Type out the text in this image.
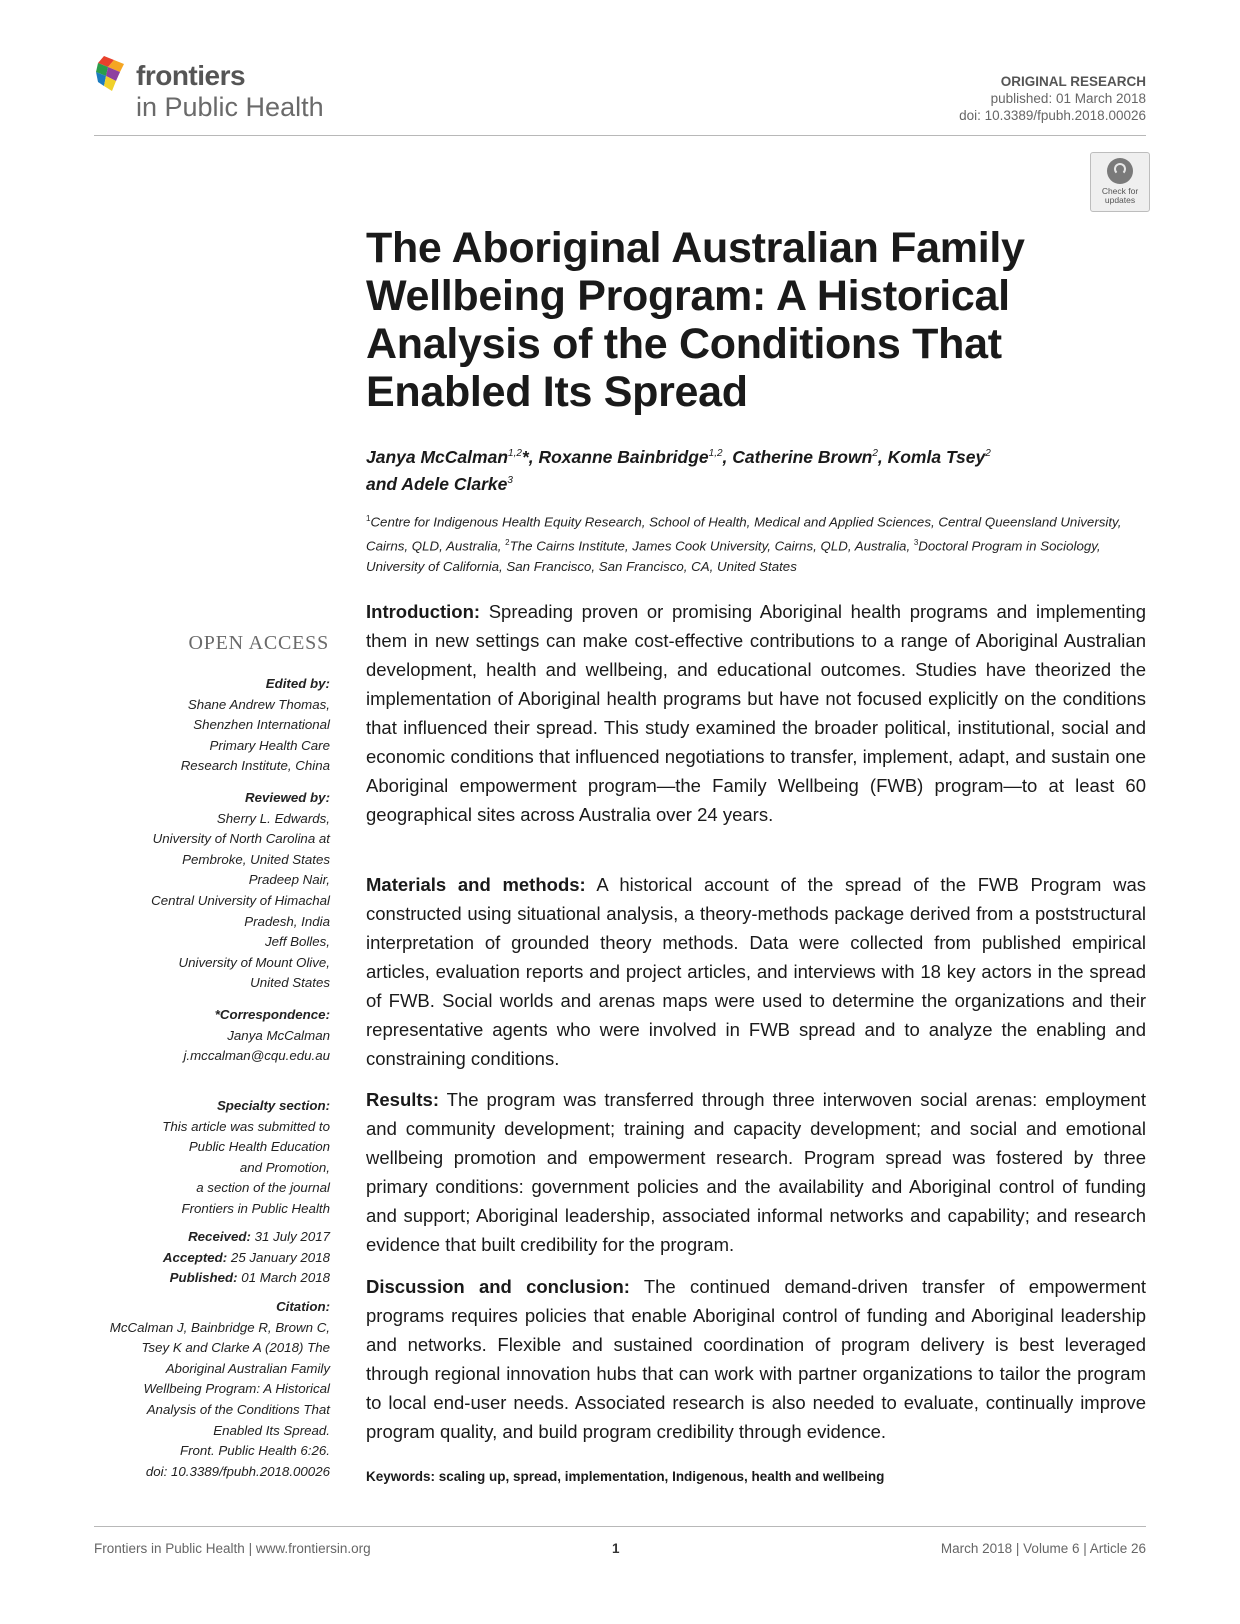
frontiers
in Public Health
ORIGINAL RESEARCH
published: 01 March 2018
doi: 10.3389/fpubh.2018.00026
Check for updates
The Aboriginal Australian Family Wellbeing Program: A Historical Analysis of the Conditions That Enabled Its Spread
Janya McCalman$^{1,2}$*, Roxanne Bainbridge$^{1,2}$, Catherine Brown$^2$, Komla Tsey$^2$
and Adele Clarke$^3$
$^1$Centre for Indigenous Health Equity Research, School of Health, Medical and Applied Sciences, Central Queensland University, Cairns, QLD, Australia, $^2$The Cairns Institute, James Cook University, Cairns, QLD, Australia, $^3$Doctoral Program in Sociology, University of California, San Francisco, San Francisco, CA, United States
OPEN ACCESS
Edited by:
Shane Andrew Thomas,
Shenzhen International
Primary Health Care
Research Institute, China
Reviewed by:
Sherry L. Edwards,
University of North Carolina at
Pembroke, United States
Pradeep Nair,
Central University of Himachal
Pradesh, India
Jeff Bolles,
University of Mount Olive,
United States
*Correspondence:
Janya McCalman
j.mccalman@cqu.edu.au
Specialty section:
This article was submitted to
Public Health Education
and Promotion,
a section of the journal
Frontiers in Public Health
Received: 31 July 2017
Accepted: 25 January 2018
Published: 01 March 2018
Citation:
McCalman J, Bainbridge R, Brown C,
Tsey K and Clarke A (2018) The
Aboriginal Australian Family
Wellbeing Program: A Historical
Analysis of the Conditions That
Enabled Its Spread.
Front. Public Health 6:26.
doi: 10.3389/fpubh.2018.00026
Introduction: Spreading proven or promising Aboriginal health programs and implementing them in new settings can make cost-effective contributions to a range of Aboriginal Australian development, health and wellbeing, and educational outcomes. Studies have theorized the implementation of Aboriginal health programs but have not focused explicitly on the conditions that influenced their spread. This study examined the broader political, institutional, social and economic conditions that influenced negotiations to transfer, implement, adapt, and sustain one Aboriginal empowerment program—the Family Wellbeing (FWB) program—to at least 60 geographical sites across Australia over 24 years.
Materials and methods: A historical account of the spread of the FWB Program was constructed using situational analysis, a theory-methods package derived from a poststructural interpretation of grounded theory methods. Data were collected from published empirical articles, evaluation reports and project articles, and interviews with 18 key actors in the spread of FWB. Social worlds and arenas maps were used to determine the organizations and their representative agents who were involved in FWB spread and to analyze the enabling and constraining conditions.
Results: The program was transferred through three interwoven social arenas: employment and community development; training and capacity development; and social and emotional wellbeing promotion and empowerment research. Program spread was fostered by three primary conditions: government policies and the availability and Aboriginal control of funding and support; Aboriginal leadership, associated informal networks and capability; and research evidence that built credibility for the program.
Discussion and conclusion: The continued demand-driven transfer of empowerment programs requires policies that enable Aboriginal control of funding and Aboriginal leadership and networks. Flexible and sustained coordination of program delivery is best leveraged through regional innovation hubs that can work with partner organizations to tailor the program to local end-user needs. Associated research is also needed to evaluate, continually improve program quality, and build program credibility through evidence.
Keywords: scaling up, spread, implementation, Indigenous, health and wellbeing
Frontiers in Public Health | www.frontiersin.org	1	March 2018 | Volume 6 | Article 26
